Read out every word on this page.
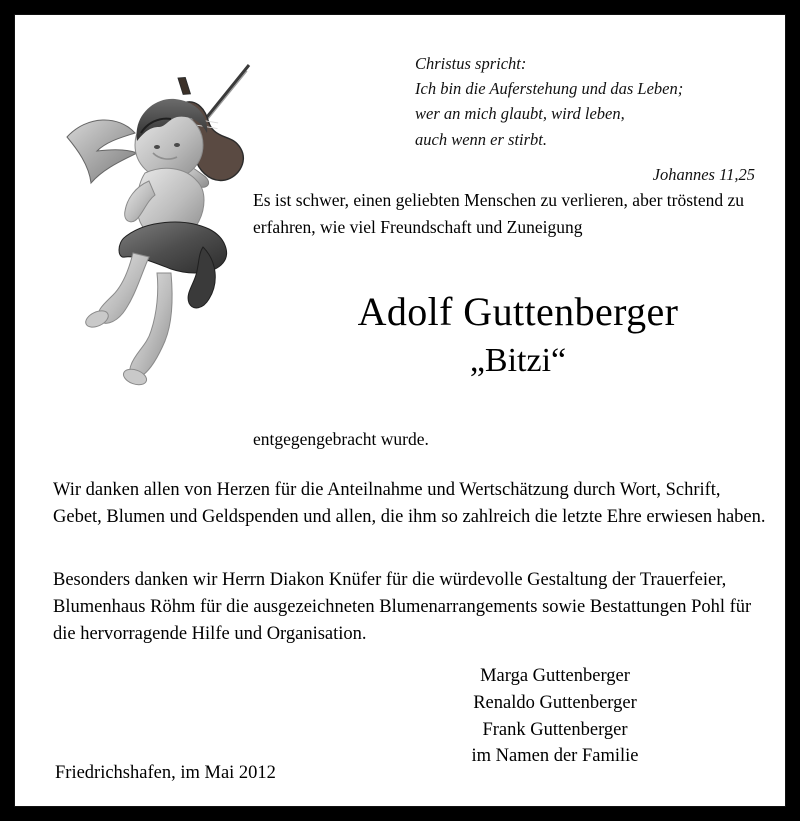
Christus spricht:
Ich bin die Auferstehung und das Leben;
wer an mich glaubt, wird leben,
auch wenn er stirbt.
Johannes 11,25
Es ist schwer, einen geliebten Menschen zu verlieren, aber tröstend zu erfahren, wie viel Freundschaft und Zuneigung
Adolf Guttenberger
„Bitzi“
entgegengebracht wurde.
Wir danken allen von Herzen für die Anteilnahme und Wertschätzung durch Wort, Schrift, Gebet, Blumen und Geldspenden und allen, die ihm so zahlreich die letzte Ehre erwiesen haben.
Besonders danken wir Herrn Diakon Knüfer für die würdevolle Gestaltung der Trauerfeier, Blumenhaus Röhm für die ausgezeichneten Blumenarrangements sowie Bestattungen Pohl für die hervorragende Hilfe und Organisation.
Marga Guttenberger
Renaldo Guttenberger
Frank Guttenberger
im Namen der Familie
Friedrichshafen, im Mai 2012
